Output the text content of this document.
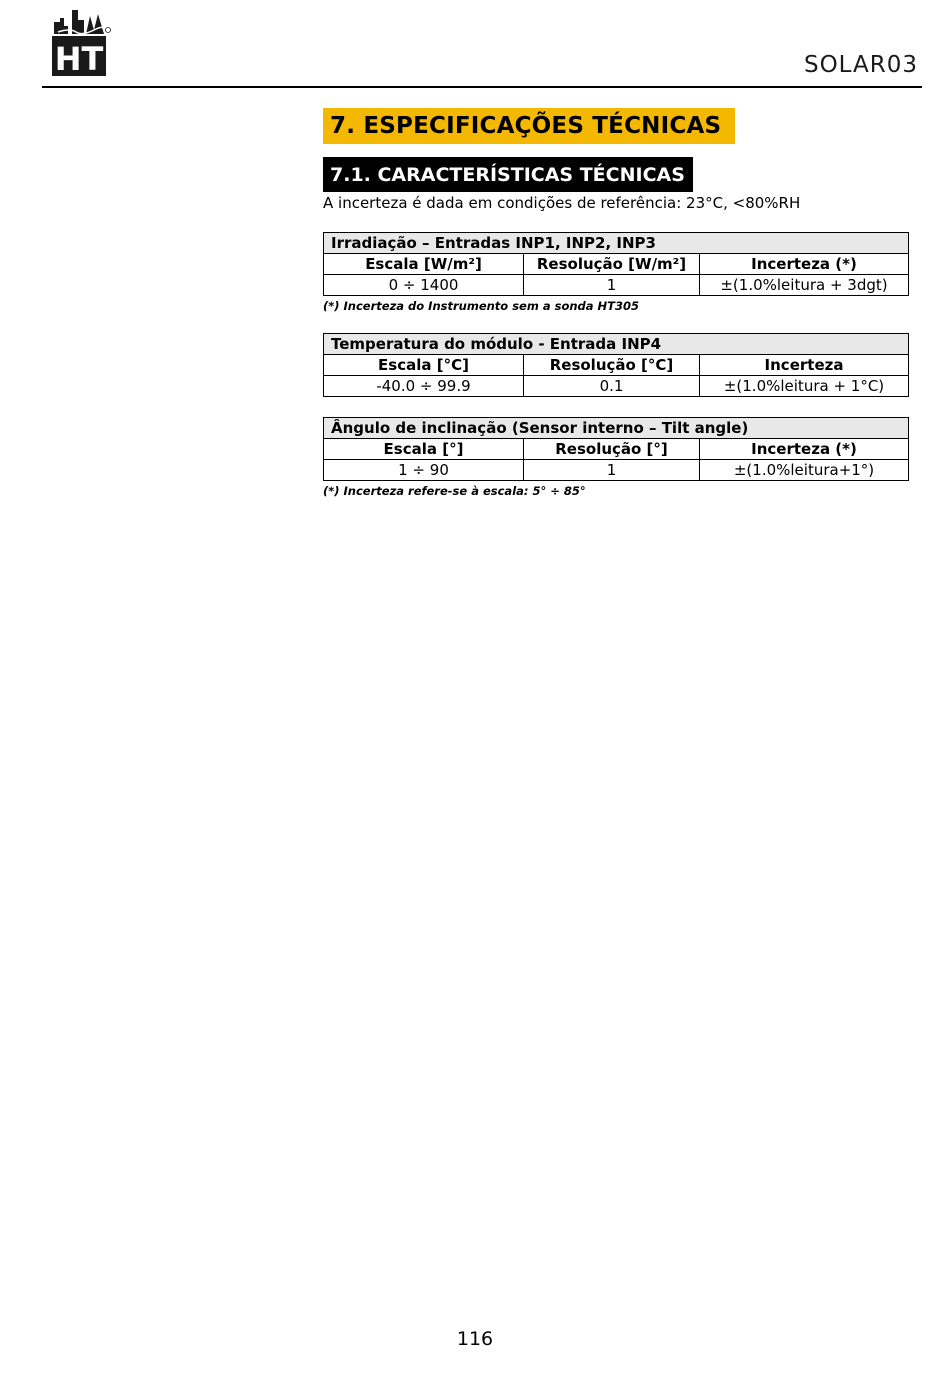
HT	SOLAR03
7. ESPECIFICAÇÕES TÉCNICAS
7.1. CARACTERÍSTICAS TÉCNICAS
A incerteza é dada em condições de referência: 23°C, <80%RH
Irradiação – Entradas INP1, INP2, INP3		
Escala [W/m²]	Resolução [W/m²]	Incerteza (*)
0 ÷ 1400	1	±(1.0%leitura + 3dgt)
(*) Incerteza do Instrumento sem a sonda HT305
Temperatura do módulo - Entrada INP4		
Escala [°C]	Resolução [°C]	Incerteza
-40.0 ÷ 99.9	0.1	±(1.0%leitura + 1°C)
Ângulo de inclinação (Sensor interno – Tilt angle)		
Escala [°]	Resolução [°]	Incerteza (*)
1 ÷ 90	1	±(1.0%leitura+1°)
(*) Incerteza refere-se à escala: 5° ÷ 85°
116
